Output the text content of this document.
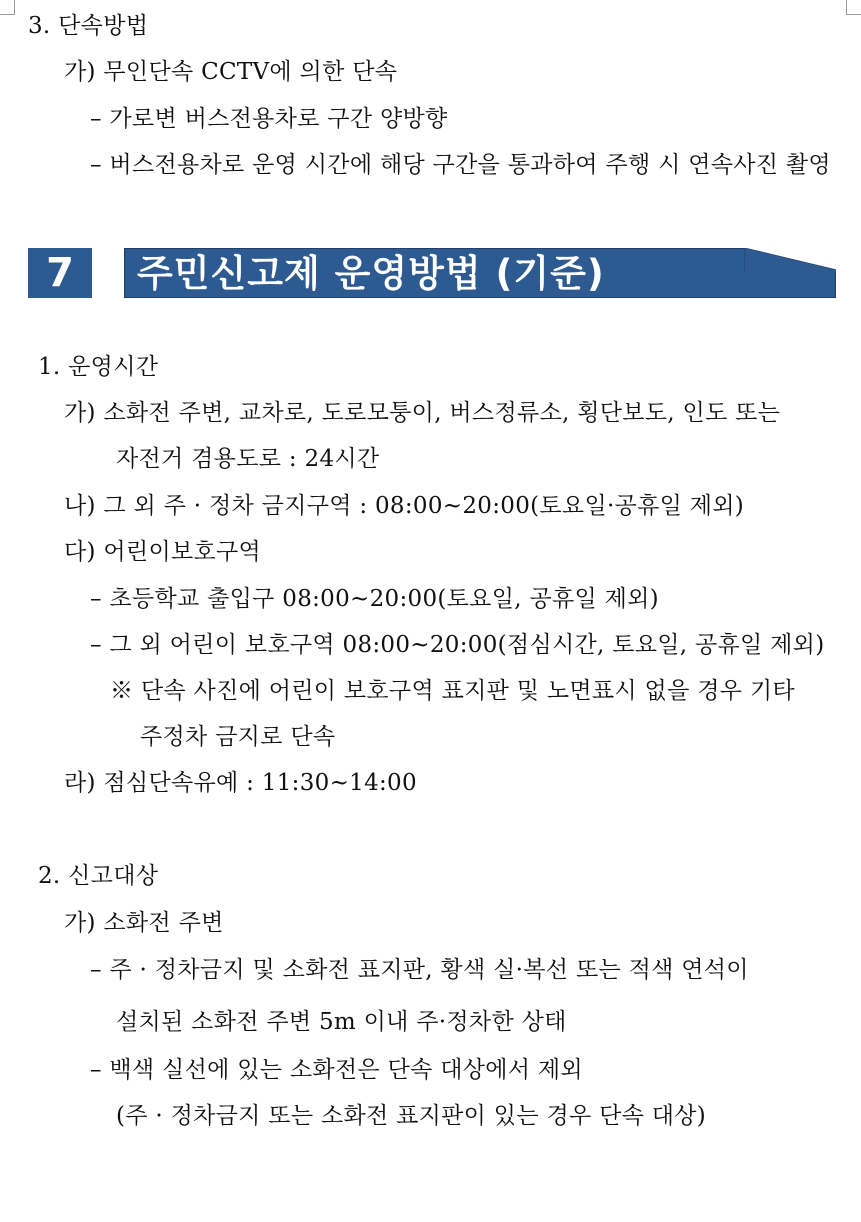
3. 단속방법
가) 무인단속 CCTV에 의한 단속
– 가로변 버스전용차로 구간 양방향
– 버스전용차로 운영 시간에 해당 구간을 통과하여 주행 시 연속사진 촬영
7 주민신고제 운영방법 (기준)
1. 운영시간
가) 소화전 주변, 교차로, 도로모퉁이, 버스정류소, 횡단보도, 인도 또는
자전거 겸용도로 : 24시간
나) 그 외 주 · 정차 금지구역 : 08:00~20:00(토요일·공휴일 제외)
다) 어린이보호구역
– 초등학교 출입구 08:00~20:00(토요일, 공휴일 제외)
– 그 외 어린이 보호구역 08:00~20:00(점심시간, 토요일, 공휴일 제외)
※ 단속 사진에 어린이 보호구역 표지판 및 노면표시 없을 경우 기타
주정차 금지로 단속
라) 점심단속유예 : 11:30~14:00
2. 신고대상
가) 소화전 주변
– 주 · 정차금지 및 소화전 표지판, 황색 실·복선 또는 적색 연석이
설치된 소화전 주변 5m 이내 주·정차한 상태
– 백색 실선에 있는 소화전은 단속 대상에서 제외
(주 · 정차금지 또는 소화전 표지판이 있는 경우 단속 대상)
